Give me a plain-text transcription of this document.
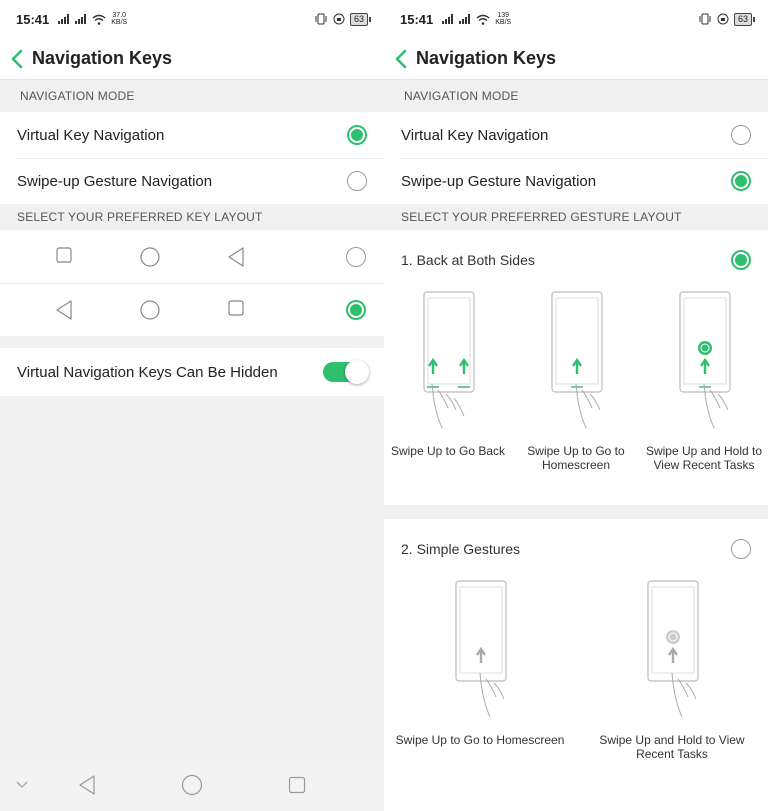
15:41	37.0
KB/S	63
Navigation Keys
NAVIGATION MODE
Virtual Key Navigation
Swipe-up Gesture Navigation
SELECT YOUR PREFERRED KEY LAYOUT
Virtual Navigation Keys Can Be Hidden
15:41	139
KB/S	63
Navigation Keys
NAVIGATION MODE
Virtual Key Navigation
Swipe-up Gesture Navigation
SELECT YOUR PREFERRED GESTURE LAYOUT
1. Back at Both Sides
Swipe Up to Go Back	Swipe Up to Go to Homescreen
Swipe Up and Hold to View Recent Tasks
2. Simple Gestures
Swipe Up to Go to Homescreen	Swipe Up and Hold to View Recent Tasks
